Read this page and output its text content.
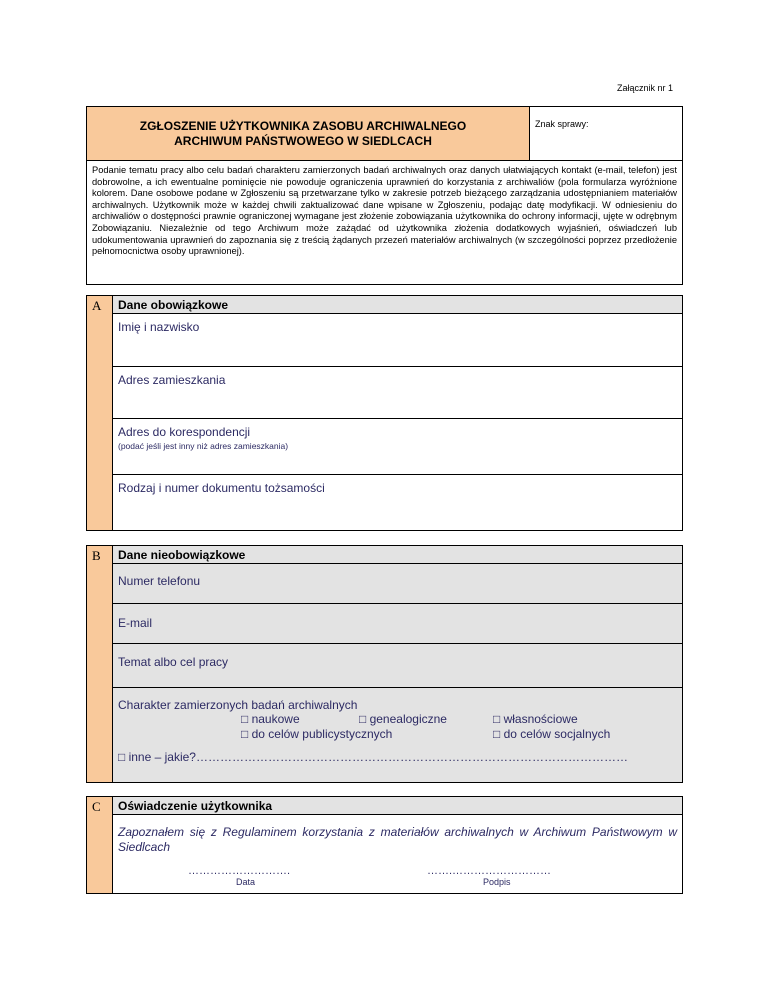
Załącznik nr 1
ZGŁOSZENIE UŻYTKOWNIKA ZASOBU ARCHIWALNEGO
ARCHIWUM PAŃSTWOWEGO W SIEDLCACH
Znak sprawy:
Podanie tematu pracy albo celu badań charakteru zamierzonych badań archiwalnych oraz danych ułatwiających kontakt (e-mail, telefon) jest dobrowolne, a ich ewentualne pominięcie nie powoduje ograniczenia uprawnień do korzystania z archiwaliów (pola formularza wyróżnione kolorem. Dane osobowe podane w Zgłoszeniu są przetwarzane tylko w zakresie potrzeb bieżącego zarządzania udostępnianiem materiałów archiwalnych. Użytkownik może w każdej chwili zaktualizować dane wpisane w Zgłoszeniu, podając datę modyfikacji. W odniesieniu do archiwaliów o dostępności prawnie ograniczonej wymagane jest złożenie zobowiązania użytkownika do ochrony informacji, ujęte w odrębnym Zobowiązaniu. Niezależnie od tego Archiwum może zażądać od użytkownika złożenia dodatkowych wyjaśnień, oświadczeń lub udokumentowania uprawnień do zapoznania się z treścią żądanych przezeń materiałów archiwalnych (w szczególności poprzez przedłożenie pełnomocnictwa osoby uprawnionej).
A	Dane obowiązkowe
Imię i nazwisko
Adres zamieszkania
Adres do korespondencji
(podać jeśli jest inny niż adres zamieszkania)
Rodzaj i numer dokumentu tożsamości
B	Dane nieobowiązkowe
Numer telefonu
E-mail
Temat albo cel pracy
Charakter zamierzonych badań archiwalnych
□ naukowe	□ genealogiczne	□ własnościowe
□ do celów publicystycznych	□ do celów socjalnych
□ inne – jakie?………………………………………………………………………………………………
C	Oświadczenie użytkownika
Zapoznałem się z Regulaminem korzystania z materiałów archiwalnych w Archiwum Państwowym w Siedlcach
……………………….
Data
…….………………………
Podpis
